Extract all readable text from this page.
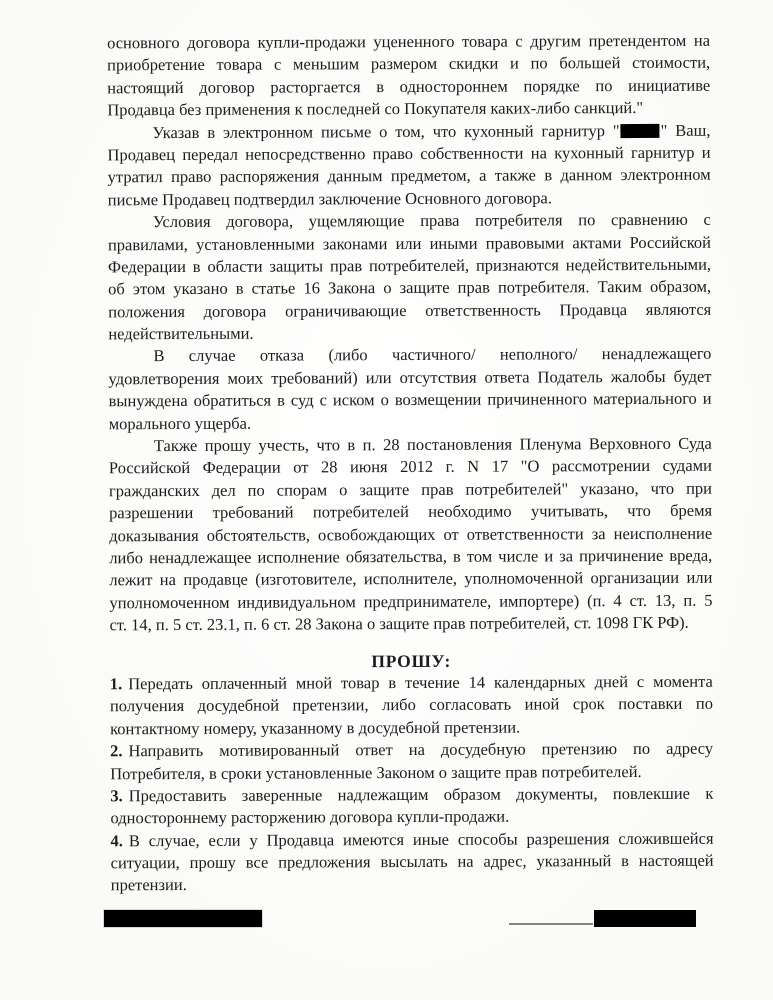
основного договора купли-продажи уцененного товара с другим претендентом на
приобретение товара с меньшим размером скидки и по большей стоимости,
настоящий договор расторгается в одностороннем порядке по инициативе
Продавца без применения к последней со Покупателя каких-либо санкций."
Указав в электронном письме о том, что кухонный гарнитур " " Ваш,
Продавец передал непосредственно право собственности на кухонный гарнитур и
утратил право распоряжения данным предметом, а также в данном электронном
письме Продавец подтвердил заключение Основного договора.
Условия договора, ущемляющие права потребителя по сравнению с
правилами, установленными законами или иными правовыми актами Российской
Федерации в области защиты прав потребителей, признаются недействительными,
об этом указано в статье 16 Закона о защите прав потребителя. Таким образом,
положения договора ограничивающие ответственность Продавца являются
недействительными.
В случае отказа (либо частичного/ неполного/ ненадлежащего
удовлетворения моих требований) или отсутствия ответа Податель жалобы будет
вынуждена обратиться в суд с иском о возмещении причиненного материального и
морального ущерба.
Также прошу учесть, что в п. 28 постановления Пленума Верховного Суда
Российской Федерации от 28 июня 2012 г. N 17 "О рассмотрении судами
гражданских дел по спорам о защите прав потребителей" указано, что при
разрешении требований потребителей необходимо учитывать, что бремя
доказывания обстоятельств, освобождающих от ответственности за неисполнение
либо ненадлежащее исполнение обязательства, в том числе и за причинение вреда,
лежит на продавце (изготовителе, исполнителе, уполномоченной организации или
уполномоченном индивидуальном предпринимателе, импортере) (п. 4 ст. 13, п. 5
ст. 14, п. 5 ст. 23.1, п. 6 ст. 28 Закона о защите прав потребителей, ст. 1098 ГК РФ).
ПРОШУ:
1. Передать оплаченный мной товар в течение 14 календарных дней с момента
получения досудебной претензии, либо согласовать иной срок поставки по
контактному номеру, указанному в досудебной претензии.
2. Направить мотивированный ответ на досудебную претензию по адресу
Потребителя, в сроки установленные Законом о защите прав потребителей.
3. Предоставить заверенные надлежащим образом документы, повлекшие к
одностороннему расторжению договора купли-продажи.
4. В случае, если у Продавца имеются иные способы разрешения сложившейся
ситуации, прошу все предложения высылать на адрес, указанный в настоящей
претензии.
